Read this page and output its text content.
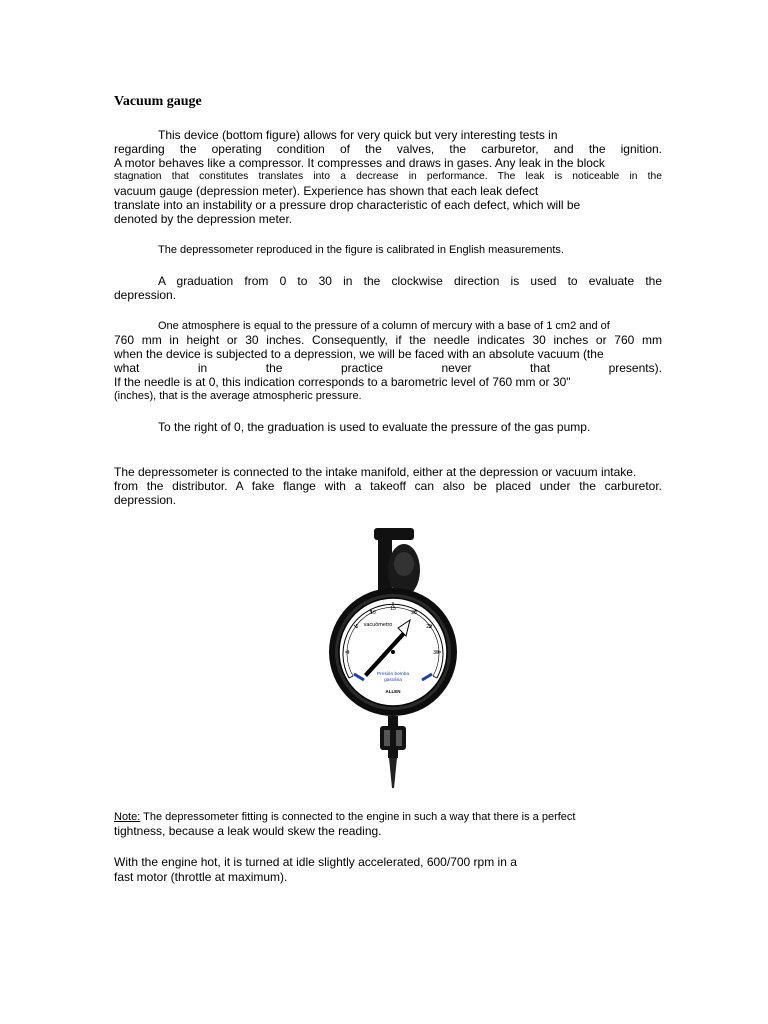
Vacuum gauge

This device (bottom figure) allows for very quick but very interesting tests in

regarding the operating condition of the valves, the carburetor, and the ignition.

A motor behaves like a compressor. It compresses and draws in gases. Any leak in the block

stagnation that constitutes translates into a decrease in performance. The leak is noticeable in the

vacuum gauge (depression meter). Experience has shown that each leak defect

translate into an instability or a pressure drop characteristic of each defect, which will be

denoted by the depression meter.

The depressometer reproduced in the figure is calibrated in English measurements.

A graduation from 0 to 30 in the clockwise direction is used to evaluate the

depression.

One atmosphere is equal to the pressure of a column of mercury with a base of 1 cm2 and of

760 mm in height or 30 inches. Consequently, if the needle indicates 30 inches or 760 mm

when the device is subjected to a depression, we will be faced with an absolute vacuum (the

what	in	the	practice	never	that	presents).

If the needle is at 0, this indication corresponds to a barometric level of 760 mm or 30"

(inches), that is the average atmospheric pressure.

To the right of 0, the graduation is used to evaluate the pressure of the gas pump.

The depressometer is connected to the intake manifold, either at the depression or vacuum intake.

from the distributor. A fake flange with a takeoff can also be placed under the carburetor.

depression.

0
5
10
15
20
25
30
vacuómetro
Presión bomba
gasolina
ALLEN

Note: The depressometer fitting is connected to the engine in such a way that there is a perfect

tightness, because a leak would skew the reading.

With the engine hot, it is turned at idle slightly accelerated, 600/700 rpm in a

fast motor (throttle at maximum).
